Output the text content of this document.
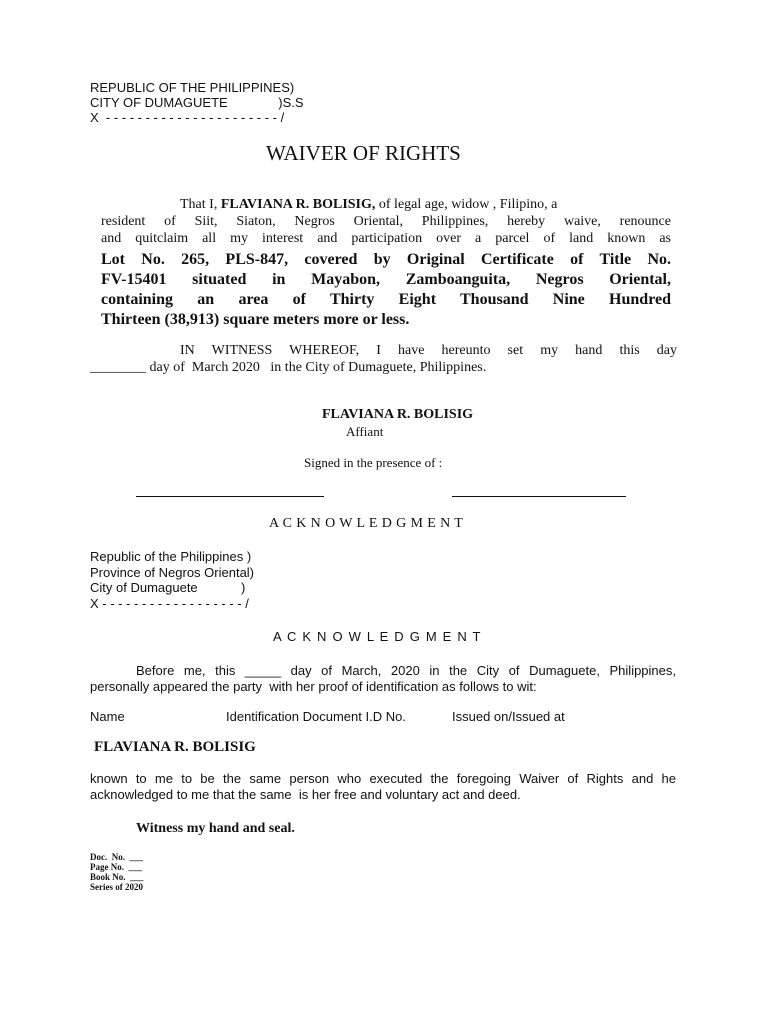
REPUBLIC OF THE PHILIPPINES)
CITY OF DUMAGUETE              )S.S
X  - - - - - - - - - - - - - - - - - - - - - - /
WAIVER OF RIGHTS
That I, FLAVIANA R. BOLISIG, of legal age, widow , Filipino, a
resident of Siit, Siaton, Negros Oriental, Philippines, hereby waive, renounce
and quitclaim all my interest and participation over a parcel of land known as
Lot No. 265, PLS-847, covered by Original Certificate of Title No.
FV-15401 situated in Mayabon, Zamboanguita, Negros Oriental,
containing an area of Thirty Eight Thousand Nine Hundred
Thirteen (38,913) square meters more or less.
IN WITNESS WHEREOF, I have hereunto set my hand this day
________ day of  March 2020   in the City of Dumaguete, Philippines.
FLAVIANA R. BOLISIG
Affiant
Signed in the presence of :
A C K N O W L E D G M E N T
Republic of the Philippines )
Province of Negros Oriental)
City of Dumaguete            )
X - - - - - - - - - - - - - - - - - - /
A C K N O W L E D G M E N T
Before me, this _____ day of March, 2020 in the City of Dumaguete, Philippines,
personally appeared the party  with her proof of identification as follows to wit:
Name	Identification Document I.D No.	Issued on/Issued at
FLAVIANA R. BOLISIG
known to me to be the same person who executed the foregoing Waiver of Rights and he
acknowledged to me that the same  is her free and voluntary act and deed.
Witness my hand and seal.
Doc.  No.  ___
Page No.  ___
Book No.  ___
Series of 2020
